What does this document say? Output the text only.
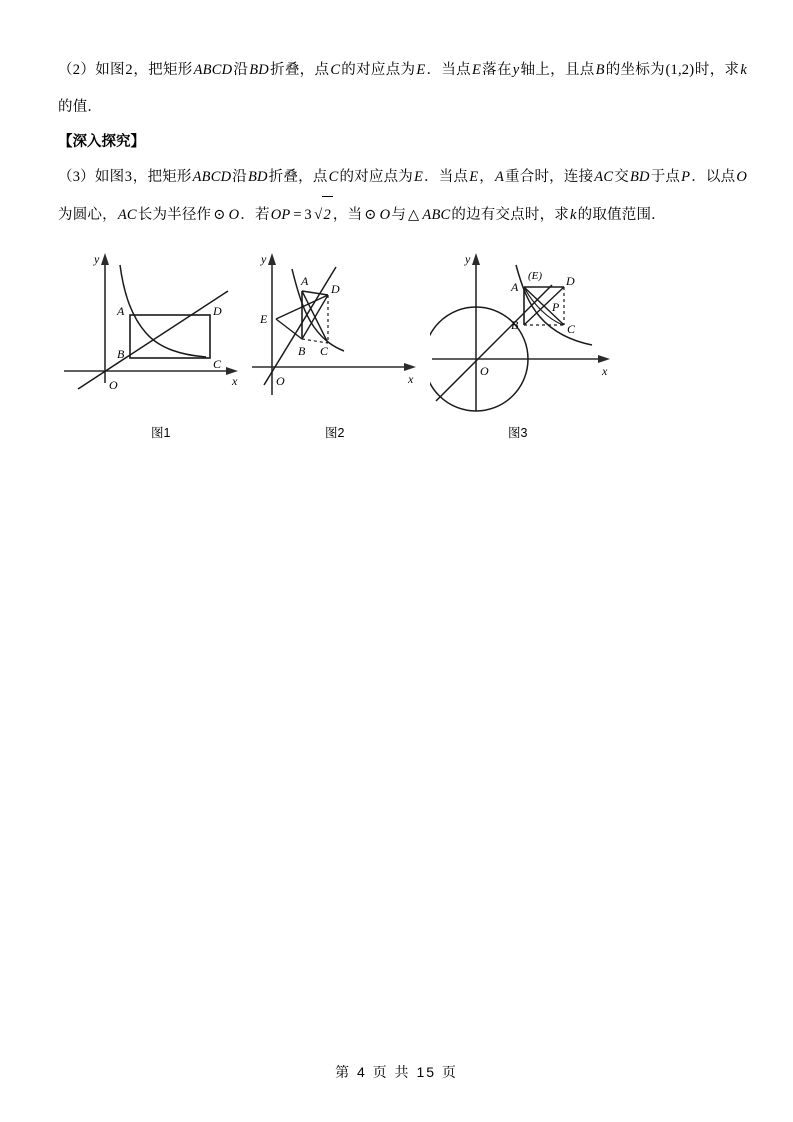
（2）如图2，把矩形ABCD沿BD折叠，点C的对应点为E．当点E落在y轴上，且点B的坐标为(1,2)时，求k的值．
【深入探究】
（3）如图3，把矩形ABCD沿BD折叠，点C的对应点为E．当点E，A重合时，连接AC交BD于点P．以点O为圆心，AC长为半径作 ⊙ O．若OP = 3 √2 ，当 ⊙ O与 △ ABC的边有交点时，求k的取值范围．
A
B
C
D
O	x
y
图1
A
B C
D
E
O	x
y
图2
(E)
A
B	C
D
P
O	x
y
图3
第 4 页 共 15 页
